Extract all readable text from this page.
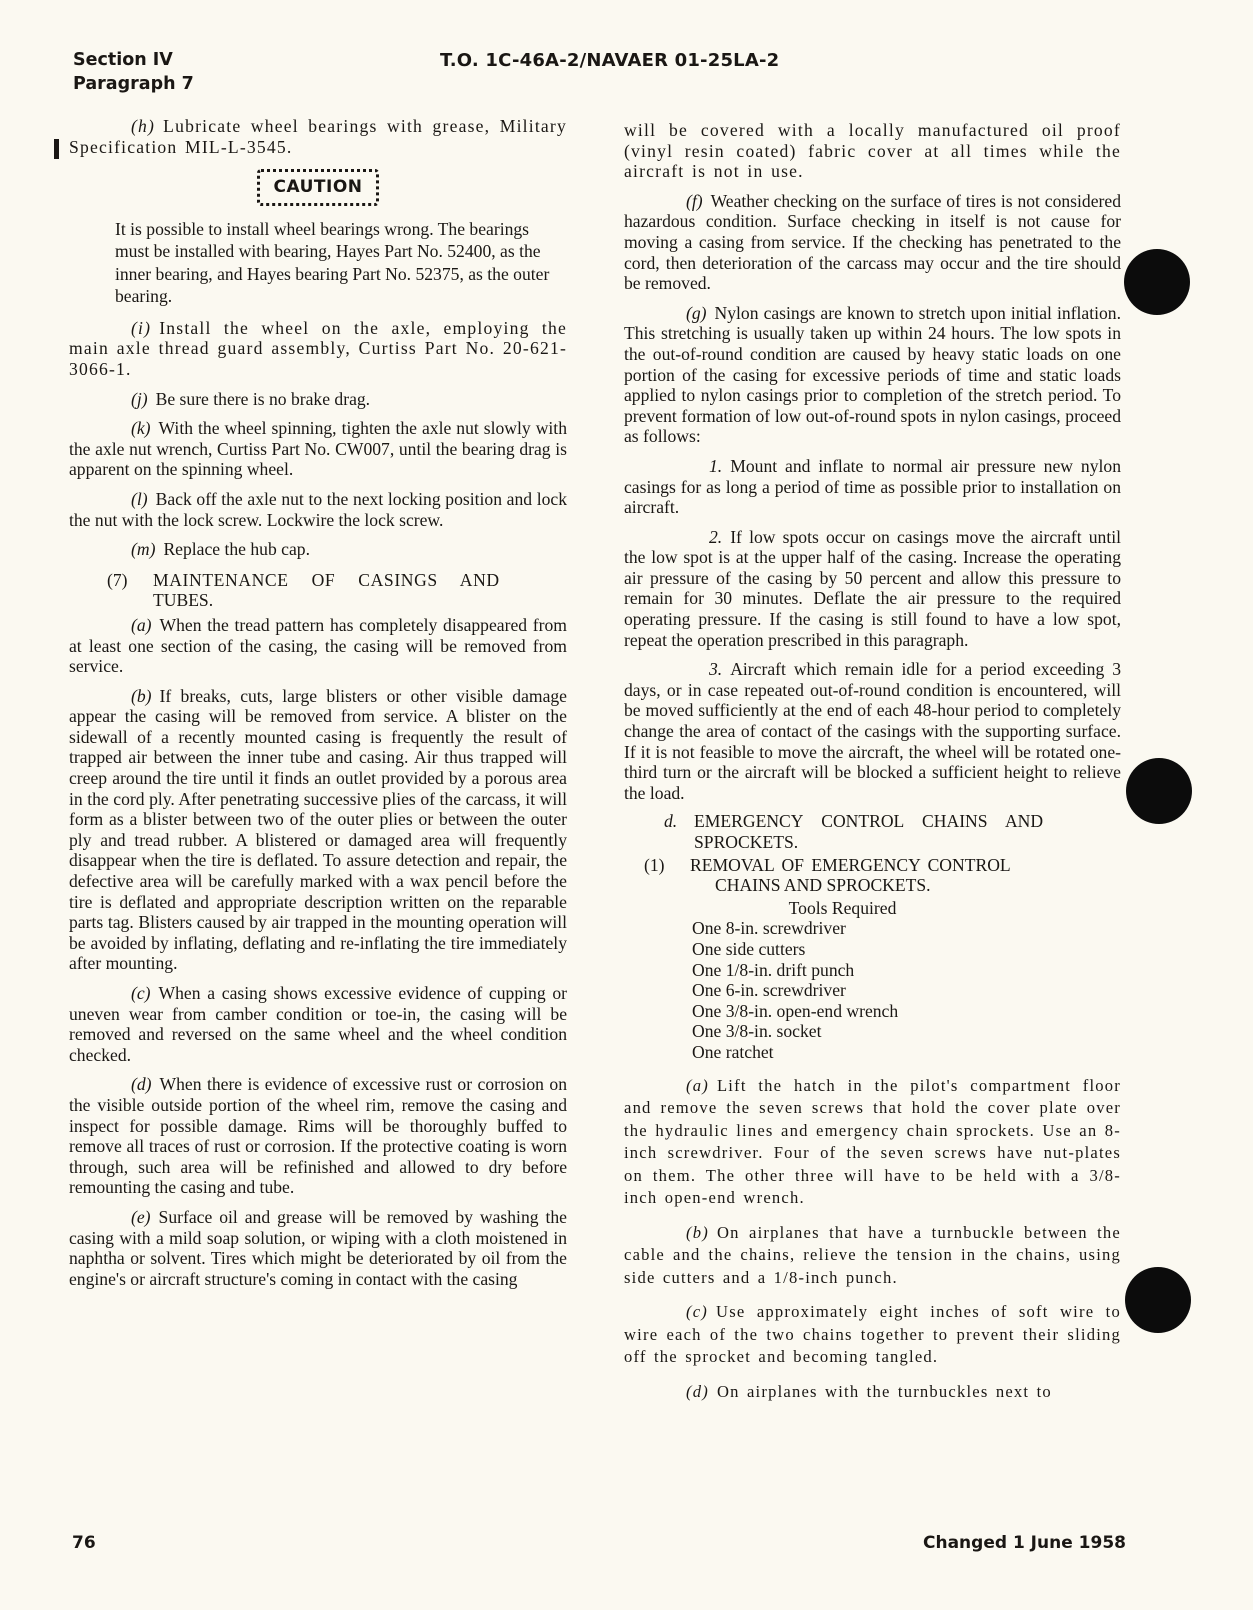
Section IV
Paragraph 7
T.O. 1C-46A-2/NAVAER 01-25LA-2

(h) Lubricate wheel bearings with grease, Military Specification MIL-L-3545.

CAUTION

It is possible to install wheel bearings wrong. The bearings must be installed with bearing, Hayes Part No. 52400, as the inner bearing, and Hayes bearing Part No. 52375, as the outer bearing.

(i) Install the wheel on the axle, employing the main axle thread guard assembly, Curtiss Part No. 20-621-3066-1.

(j) Be sure there is no brake drag.

(k) With the wheel spinning, tighten the axle nut slowly with the axle nut wrench, Curtiss Part No. CW007, until the bearing drag is apparent on the spinning wheel.

(l) Back off the axle nut to the next locking position and lock the nut with the lock screw. Lockwire the lock screw.

(m) Replace the hub cap.

(7) MAINTENANCE OF CASINGS AND
TUBES.

(a) When the tread pattern has completely disappeared from at least one section of the casing, the casing will be removed from service.

(b) If breaks, cuts, large blisters or other visible damage appear the casing will be removed from service. A blister on the sidewall of a recently mounted casing is frequently the result of trapped air between the inner tube and casing. Air thus trapped will creep around the tire until it finds an outlet provided by a porous area in the cord ply. After penetrating successive plies of the carcass, it will form as a blister between two of the outer plies or between the outer ply and tread rubber. A blistered or damaged area will frequently disappear when the tire is deflated. To assure detection and repair, the defective area will be carefully marked with a wax pencil before the tire is deflated and appropriate description written on the reparable parts tag. Blisters caused by air trapped in the mounting operation will be avoided by inflating, deflating and re-inflating the tire immediately after mounting.

(c) When a casing shows excessive evidence of cupping or uneven wear from camber condition or toe-in, the casing will be removed and reversed on the same wheel and the wheel condition checked.

(d) When there is evidence of excessive rust or corrosion on the visible outside portion of the wheel rim, remove the casing and inspect for possible damage. Rims will be thoroughly buffed to remove all traces of rust or corrosion. If the protective coating is worn through, such area will be refinished and allowed to dry before remounting the casing and tube.

(e) Surface oil and grease will be removed by washing the casing with a mild soap solution, or wiping with a cloth moistened in naphtha or solvent. Tires which might be deteriorated by oil from the engine's or aircraft structure's coming in contact with the casing

will be covered with a locally manufactured oil proof (vinyl resin coated) fabric cover at all times while the aircraft is not in use.

(f) Weather checking on the surface of tires is not considered hazardous condition. Surface checking in itself is not cause for moving a casing from service. If the checking has penetrated to the cord, then deterioration of the carcass may occur and the tire should be removed.

(g) Nylon casings are known to stretch upon initial inflation. This stretching is usually taken up within 24 hours. The low spots in the out-of-round condition are caused by heavy static loads on one portion of the casing for excessive periods of time and static loads applied to nylon casings prior to completion of the stretch period. To prevent formation of low out-of-round spots in nylon casings, proceed as follows:

1. Mount and inflate to normal air pressure new nylon casings for as long a period of time as possible prior to installation on aircraft.

2. If low spots occur on casings move the aircraft until the low spot is at the upper half of the casing. Increase the operating air pressure of the casing by 50 percent and allow this pressure to remain for 30 minutes. Deflate the air pressure to the required operating pressure. If the casing is still found to have a low spot, repeat the operation prescribed in this paragraph.

3. Aircraft which remain idle for a period exceeding 3 days, or in case repeated out-of-round condition is encountered, will be moved sufficiently at the end of each 48-hour period to completely change the area of contact of the casings with the supporting surface. If it is not feasible to move the aircraft, the wheel will be rotated one-third turn or the aircraft will be blocked a sufficient height to relieve the load.

d. EMERGENCY CONTROL CHAINS AND
SPROCKETS.
(1) REMOVAL OF EMERGENCY CONTROL
CHAINS AND SPROCKETS.
Tools Required
One 8-in. screwdriver
One side cutters
One 1/8-in. drift punch
One 6-in. screwdriver
One 3/8-in. open-end wrench
One 3/8-in. socket
One ratchet

(a) Lift the hatch in the pilot's compartment floor and remove the seven screws that hold the cover plate over the hydraulic lines and emergency chain sprockets. Use an 8-inch screwdriver. Four of the seven screws have nut-plates on them. The other three will have to be held with a 3/8-inch open-end wrench.

(b) On airplanes that have a turnbuckle between the cable and the chains, relieve the tension in the chains, using side cutters and a 1/8-inch punch.

(c) Use approximately eight inches of soft wire to wire each of the two chains together to prevent their sliding off the sprocket and becoming tangled.

(d) On airplanes with the turnbuckles next to

76	Changed 1 June 1958
